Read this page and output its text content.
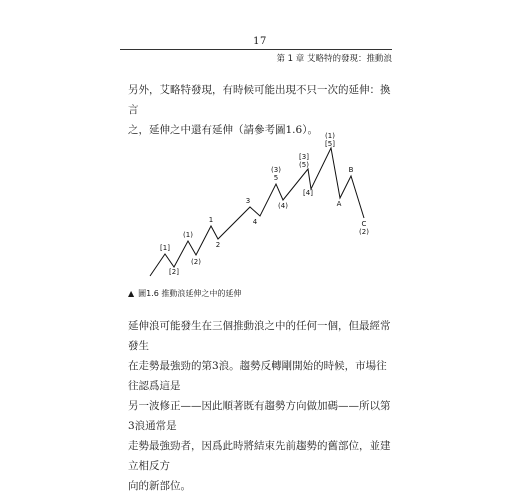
17
第 1 章 艾略特的發現：推動浪

另外，艾略特發現，有時候可能出現不只一次的延伸：換言
之，延伸之中還有延伸（請參考圖1.6）。

[1]
[2]
(1)
(2)
1
2
3
4
(3)
5
(4)
[3]
(5)
[4]
(1)
[5]
A
B
C
(2)
▲ 圖1.6 推動浪延伸之中的延伸

延伸浪可能發生在三個推動浪之中的任何一個，但最經常發生
在走勢最強勁的第3浪。趨勢反轉剛開始的時候，市場往往認爲這是
另一波修正——因此順著既有趨勢方向做加碼——所以第3浪通常是
走勢最強勁者，因爲此時將結束先前趨勢的舊部位，並建立相反方
向的新部位。
